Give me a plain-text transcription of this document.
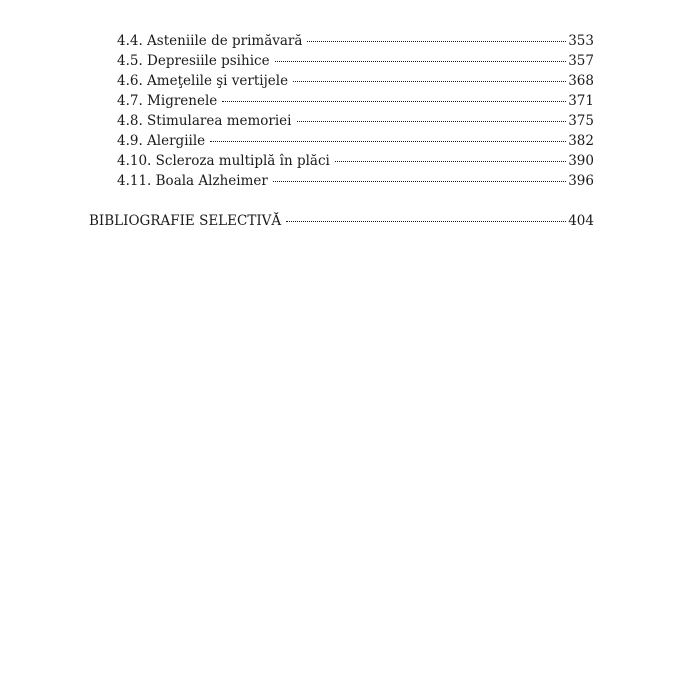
4.4. Asteniile de primăvară	353
4.5. Depresiile psihice	357
4.6. Ameţelile şi vertijele	368
4.7. Migrenele	371
4.8. Stimularea memoriei	375
4.9. Alergiile	382
4.10. Scleroza multiplă în plăci	390
4.11. Boala Alzheimer	396
BIBLIOGRAFIE SELECTIVĂ	404
